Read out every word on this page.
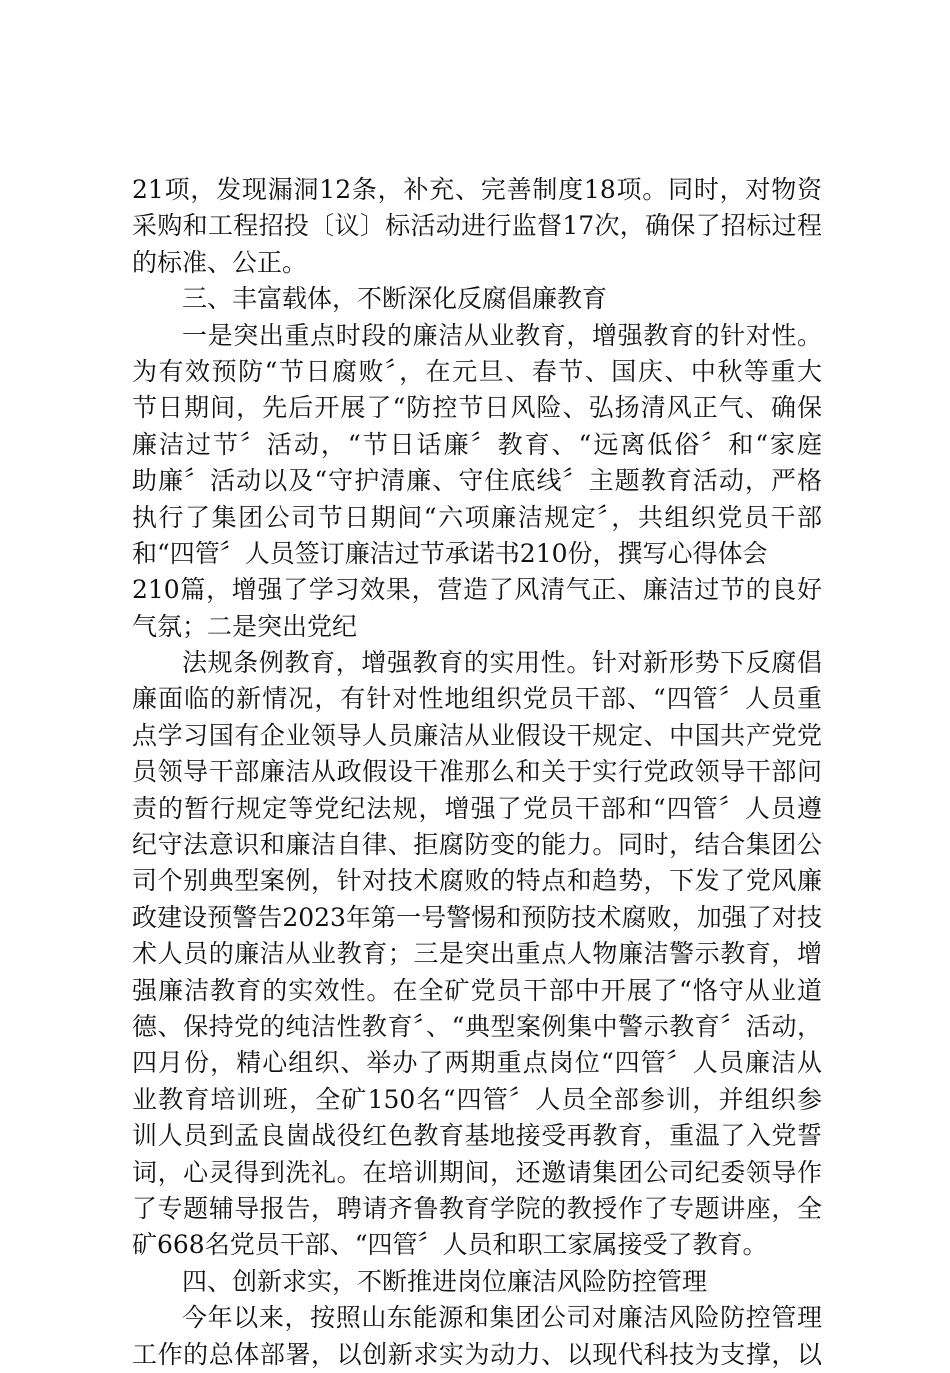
21项，发现漏洞12条，补充、完善制度18项。同时，对物资
采购和工程招投〔议〕标活动进行监督17次，确保了招标过程
的标准、公正。
三、丰富载体，不断深化反腐倡廉教育
一是突出重点时段的廉洁从业教育，增强教育的针对性。
为有效预防“节日腐败〞，在元旦、春节、国庆、中秋等重大
节日期间，先后开展了“防控节日风险、弘扬清风正气、确保
廉洁过节〞活动，“节日话廉〞教育、“远离低俗〞和“家庭
助廉〞活动以及“守护清廉、守住底线〞主题教育活动，严格
执行了集团公司节日期间“六项廉洁规定〞，共组织党员干部
和“四管〞人员签订廉洁过节承诺书210份，撰写心得体会
210篇，增强了学习效果，营造了风清气正、廉洁过节的良好
气氛；二是突出党纪
法规条例教育，增强教育的实用性。针对新形势下反腐倡
廉面临的新情况，有针对性地组织党员干部、“四管〞人员重
点学习国有企业领导人员廉洁从业假设干规定、中国共产党党
员领导干部廉洁从政假设干准那么和关于实行党政领导干部问
责的暂行规定等党纪法规，增强了党员干部和“四管〞人员遵
纪守法意识和廉洁自律、拒腐防变的能力。同时，结合集团公
司个别典型案例，针对技术腐败的特点和趋势，下发了党风廉
政建设预警告2023年第一号警惕和预防技术腐败，加强了对技
术人员的廉洁从业教育；三是突出重点人物廉洁警示教育，增
强廉洁教育的实效性。在全矿党员干部中开展了“恪守从业道
德、保持党的纯洁性教育〞、“典型案例集中警示教育〞活动，
四月份，精心组织、举办了两期重点岗位“四管〞人员廉洁从
业教育培训班，全矿150名“四管〞人员全部参训，并组织参
训人员到孟良崮战役红色教育基地接受再教育，重温了入党誓
词，心灵得到洗礼。在培训期间，还邀请集团公司纪委领导作
了专题辅导报告，聘请齐鲁教育学院的教授作了专题讲座，全
矿668名党员干部、“四管〞人员和职工家属接受了教育。
四、创新求实，不断推进岗位廉洁风险防控管理
今年以来，按照山东能源和集团公司对廉洁风险防控管理
工作的总体部署，以创新求实为动力、以现代科技为支撑，以
